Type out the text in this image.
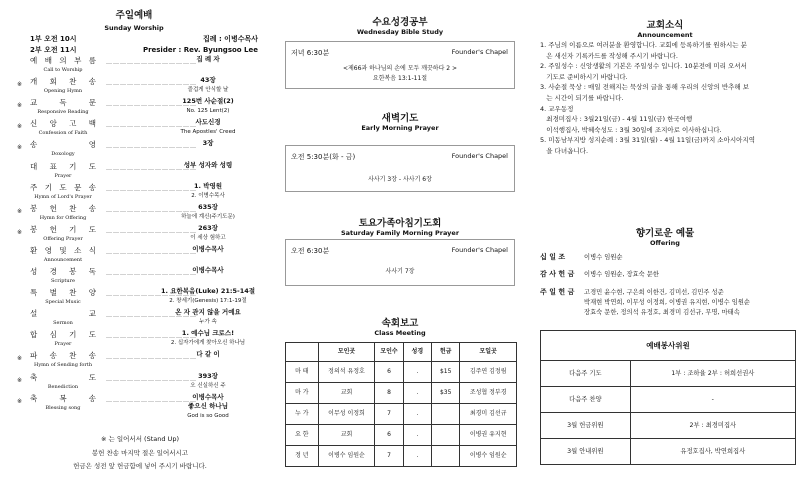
주일예배
Sunday Worship
1부 오전 10시
2부 오전 11시
집례 : 이병수목사
Presider : Rev. Byungsoo Lee
예 배 의 부 름
Call to Worship
………………………………… 집 례 자
※ 개 회 찬 송
Opening Hymn
………………………………… 43장
즐겁게 안식할 날
※ 교	독	문
Responsive Reading
…………………………………
125번 사순절(2)
No. 125 Lent(2)
※ 신 앙 고 백
Confession of Faith
…………………………………
사도신경
The Apostles' Creed
※ 송	영
Doxology
………………………………… 3장
대 표 기 도
Prayer
…………………………………
성부 성자와 성령
주 기 도 문 송
Hymn of Lord's Prayer
…………………………………
1. 박영원
2. 이병수목사
※ 봉 헌 찬 송
Hymn for Offering
………………………………… 635장
하늘에 계신(주기도문)
※ 봉 헌 기 도
Offering Prayer
………………………………… 263장
이 세상 험하고
환 영 및 소 식
Announcement
…………………………………
이병수목사
성 경 봉 독
Scripture
…………………………………
이병수목사
특 별 찬 양
Special Music
…………………………………
1. 요한복음(Luke) 21:5-14절
2. 창세기(Genesis) 17:1-19절
설	교
Sermon
…………………………………
온 자 관지 않을 거예요
누가 속
합 심 기 도
Prayer
…………………………………
1. 예수님 크로스!
2. 십자가에게 찾아오신 하나님
※ 파 송 찬 송
Hymn of Sending forth
………………………………… 다 같 이
※ 축	도
Benediction
………………………………… 393장
오 신실하신 주
※ 축	복	송
Blessing song
…………………………………
이병수목사
좋으신 하나님
God is so Good
※ 는 일어서서 (Stand Up)
봉헌 찬송 마지막 절은 일어서시고
헌금은 성전 앞 헌금함에 넣어 주시기 바랍니다.
수요성경공부
Wednesday Bible Study
저녁 6:30분	Founder's Chapel
<제66과 하나님의 손에 모두 깨끗하다 2 >
요한복음 13:1-11절
새벽기도
Early Morning Prayer
오전 5:30분(화 - 금)	Founder's Chapel
사사기 3장 - 사사기 6장
토요가족아침기도회
Saturday Family Morning Prayer
오전 6:30분	Founder's Chapel
사사기 7장
속회보고
Class Meeting
	모인곳	모인수	성경	헌금	모일곳
마 태	정의석 유정호	6	.	$15	김주연 김정림
마 가	교회	8	.	$35	조성협 정부경
누 가	이무성 이정희	7	.		최경미 김선규
요 한	교회	6	.		이병권 유지현
정 년	이병수 임원순	7	.		이병수 임원순
교회소식
Announcement
1. 주님의 이름으로 여러분을 환영합니다. 교회에 등록하기를 원하시는 분
은 새신자 기록카드를 작성해 주시기 바랍니다.
2. 주일성수 : 신앙생활의 기본은 주일성수 입니다. 10분전에 미리 오셔서
기도로 준비하시기 바랍니다.
3. 사순절 묵상 : 매일 전해지는 묵상의 글을 통해 우리의 신앙의 반추해 보
는 시간이 되기를 바랍니다.
4. 교우동정
최경미집사 : 3월21일(금) - 4월 11일(금) 한국여행
이석행집사, 박혜숙성도 : 3월 30일에 조지아로 이사하십니다.
5. 미동남부지방 성지순례 : 3월 31일(월) - 4월 11일(금)까지 소아시아지역
을 다녀옵니다.
향기로운 예물
Offering
십 일 조	이병수 임원순
감 사 헌 금 이병수 임원순, 장효숙 문한
주 일 헌 금 고경민 윤수현, 구은희 이한건, 김미선, 김민주 성준
박재현 박연희, 이무성 이정희, 이병권 유지현, 이병수 임원순
장효숙 문한, 정의석 유정호, 최경미 김선규, 무명, 마태속
예배봉사위원	
다음주 기도	1부 : 조하율 2부 : 허희선권사
다음주 찬양	-
3월 헌금위원	2부 : 최경미집사
3월 안내위원	유정호집사, 박연희집사
